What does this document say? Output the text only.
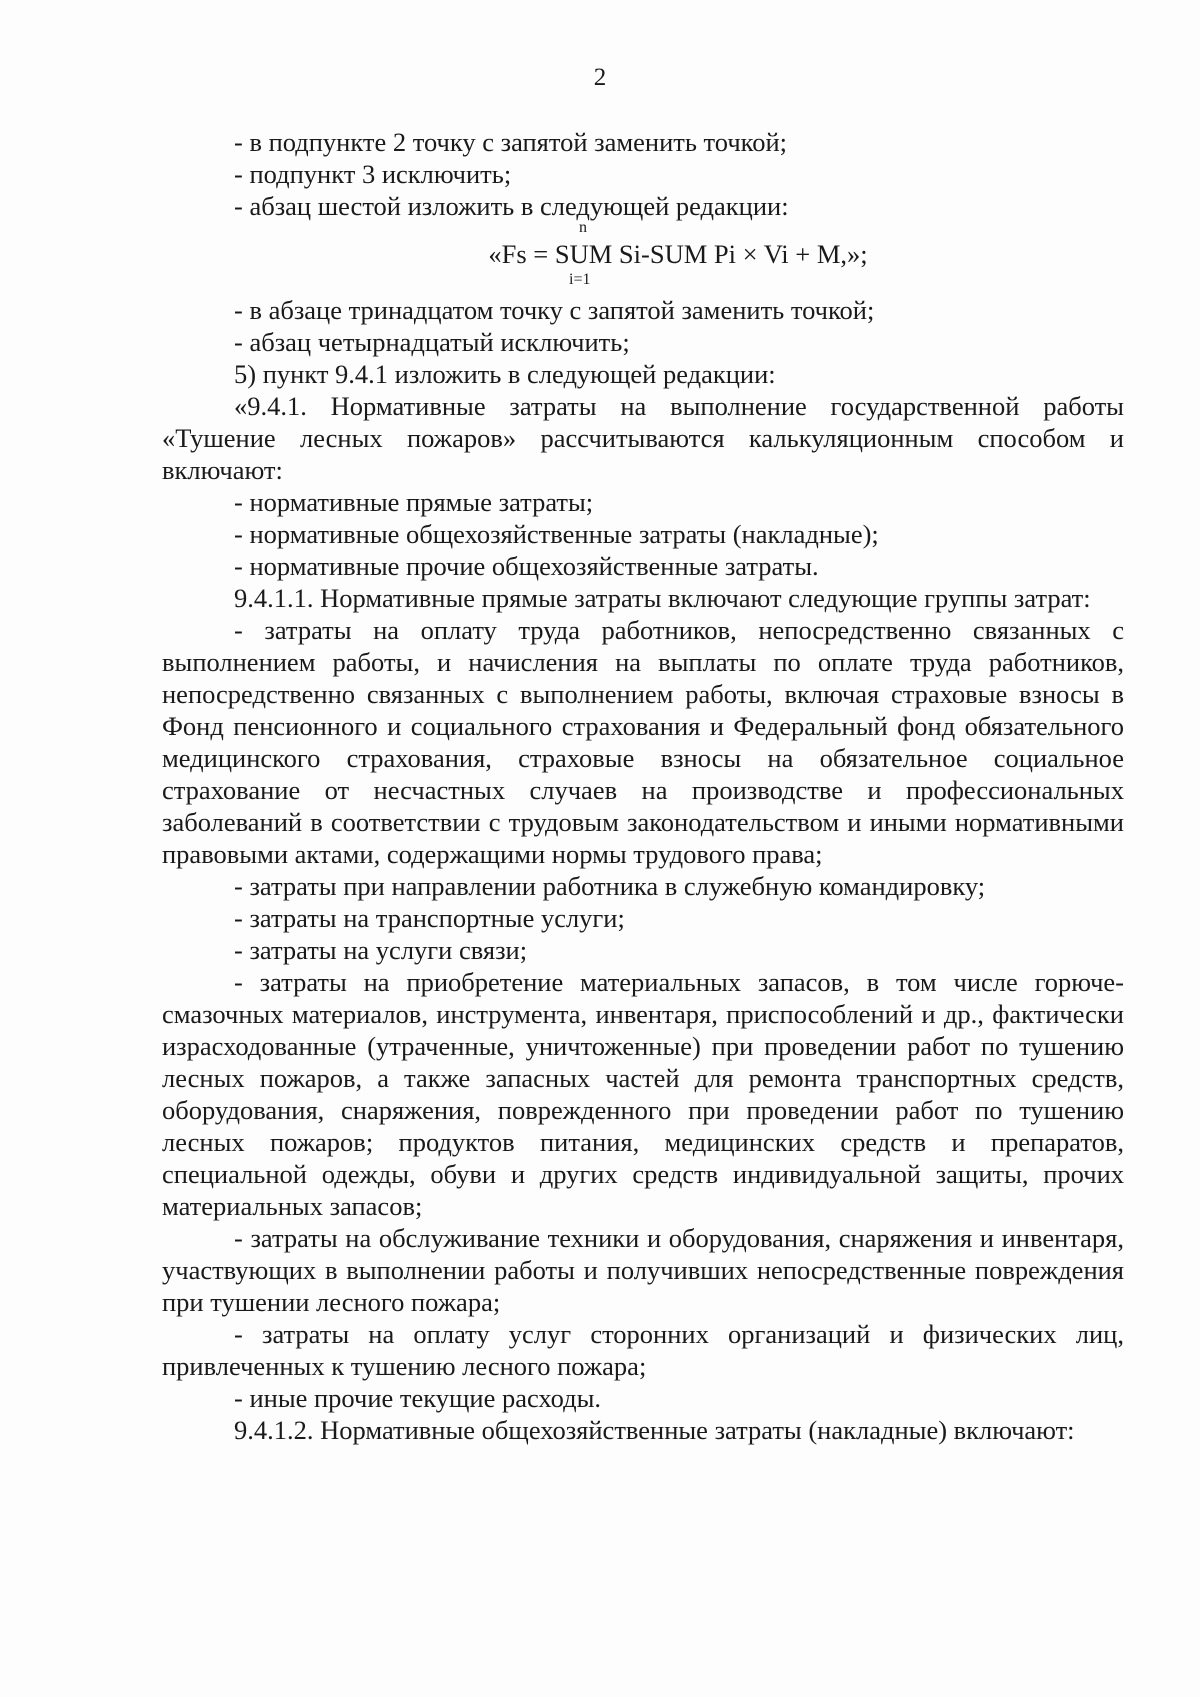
2

- в подпункте 2 точку с запятой заменить точкой;

- подпункт 3 исключить;

- абзац шестой изложить в следующей редакции:

n
«Fs = SUM Si-SUM Pi × Vi + M,»;
i=1

- в абзаце тринадцатом точку с запятой заменить точкой;

- абзац четырнадцатый исключить;

5) пункт 9.4.1 изложить в следующей редакции:

«9.4.1. Нормативные затраты на выполнение государственной работы «Тушение лесных пожаров» рассчитываются калькуляционным способом и включают:

- нормативные прямые затраты;

- нормативные общехозяйственные затраты (накладные);

- нормативные прочие общехозяйственные затраты.

9.4.1.1. Нормативные прямые затраты включают следующие группы затрат:

- затраты на оплату труда работников, непосредственно связанных с выполнением работы, и начисления на выплаты по оплате труда работников, непосредственно связанных с выполнением работы, включая страховые взносы в Фонд пенсионного и социального страхования и Федеральный фонд обязательного медицинского страхования, страховые взносы на обязательное социальное страхование от несчастных случаев на производстве и профессиональных заболеваний в соответствии с трудовым законодательством и иными нормативными правовыми актами, содержащими нормы трудового права;

- затраты при направлении работника в служебную командировку;

- затраты на транспортные услуги;

- затраты на услуги связи;

- затраты на приобретение материальных запасов, в том числе горюче-смазочных материалов, инструмента, инвентаря, приспособлений и др., фактически израсходованные (утраченные, уничтоженные) при проведении работ по тушению лесных пожаров, а также запасных частей для ремонта транспортных средств, оборудования, снаряжения, поврежденного при проведении работ по тушению лесных пожаров; продуктов питания, медицинских средств и препаратов, специальной одежды, обуви и других средств индивидуальной защиты, прочих материальных запасов;

- затраты на обслуживание техники и оборудования, снаряжения и инвентаря, участвующих в выполнении работы и получивших непосредственные повреждения при тушении лесного пожара;

- затраты на оплату услуг сторонних организаций и физических лиц, привлеченных к тушению лесного пожара;

- иные прочие текущие расходы.

9.4.1.2. Нормативные общехозяйственные затраты (накладные) включают:
